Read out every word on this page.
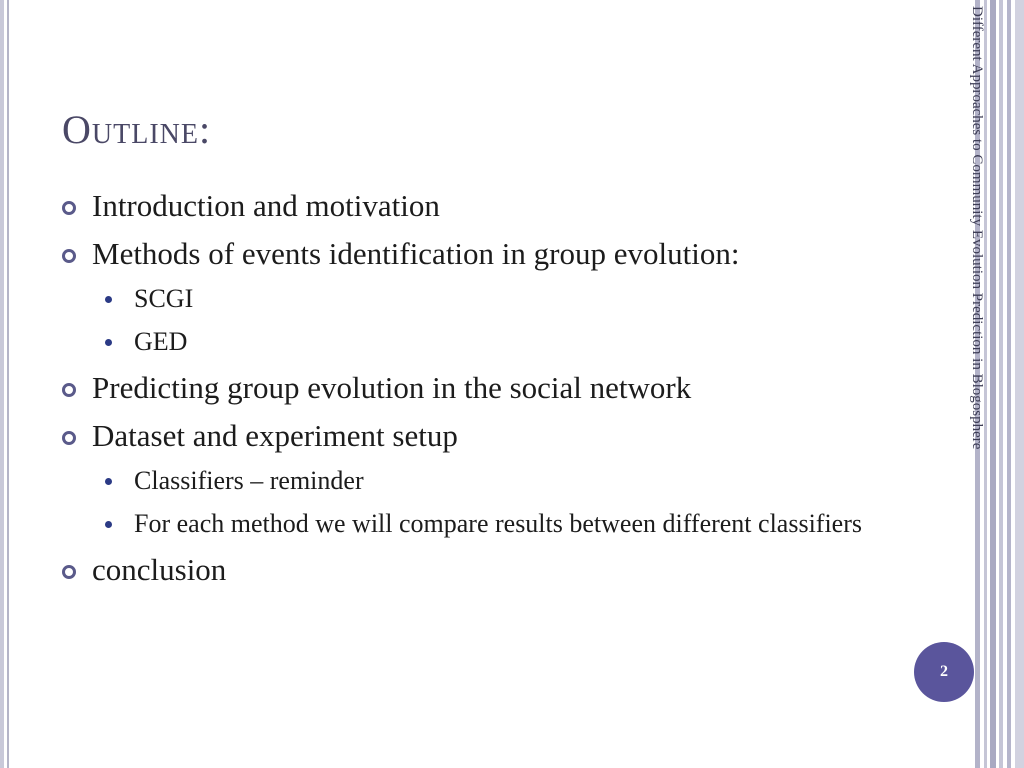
Outline:
Introduction and motivation
Methods of events identification in group evolution:
SCGI
GED
Predicting group evolution in the social network
Dataset and experiment setup
Classifiers – reminder
For each method we will compare results between different classifiers
conclusion
Different Approaches to Community Evolution Prediction in Blogosphere
2
